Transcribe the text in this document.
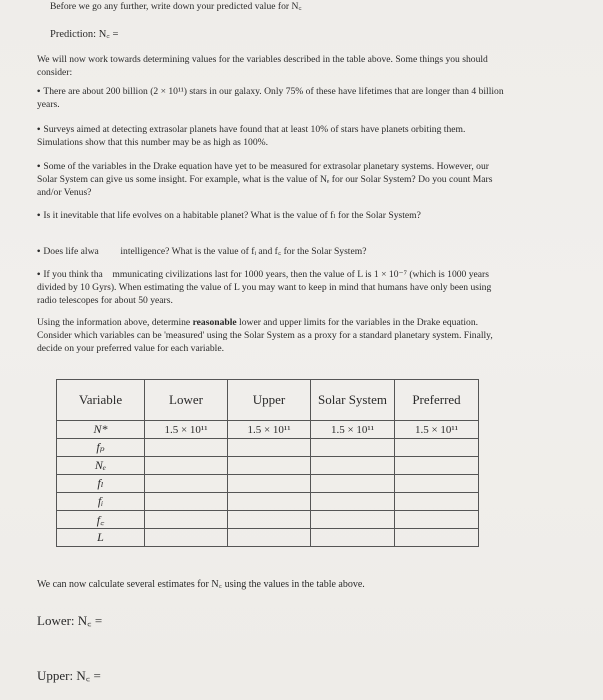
Before we go any further, write down your predicted value for N꜀
Prediction: N꜀ =
We will now work towards determining values for the variables described in the table above. Some things you should consider:
• There are about 200 billion (2 × 10¹¹) stars in our galaxy. Only 75% of these have lifetimes that are longer than 4 billion years.
• Surveys aimed at detecting extrasolar planets have found that at least 10% of stars have planets orbiting them. Simulations show that this number may be as high as 100%.
• Some of the variables in the Drake equation have yet to be measured for extrasolar planetary systems. However, our Solar System can give us some insight. For example, what is the value of Nₑ for our Solar System? Do you count Mars and/or Venus?
• Is it inevitable that life evolves on a habitable planet? What is the value of fₗ for the Solar System?
• Does life alwa intelligence? What is the value of fᵢ and f꜀ for the Solar System?
• If you think tha mmunicating civilizations last for 1000 years, then the value of L is 1 × 10⁻⁷ (which is 1000 years divided by 10 Gyrs). When estimating the value of L you may want to keep in mind that humans have only been using radio telescopes for about 50 years.
Using the information above, determine reasonable lower and upper limits for the variables in the Drake equation. Consider which variables can be 'measured' using the Solar System as a proxy for a standard planetary system. Finally, decide on your preferred value for each variable.
Variable	Lower	Upper	Solar System	Preferred
N*	1.5 × 10¹¹	1.5 × 10¹¹	1.5 × 10¹¹	1.5 × 10¹¹
fₚ				
Nₑ				
fₗ				
fᵢ				
f꜀				
L				
We can now calculate several estimates for N꜀ using the values in the table above.
Lower: N꜀ =
Upper: N꜀ =
